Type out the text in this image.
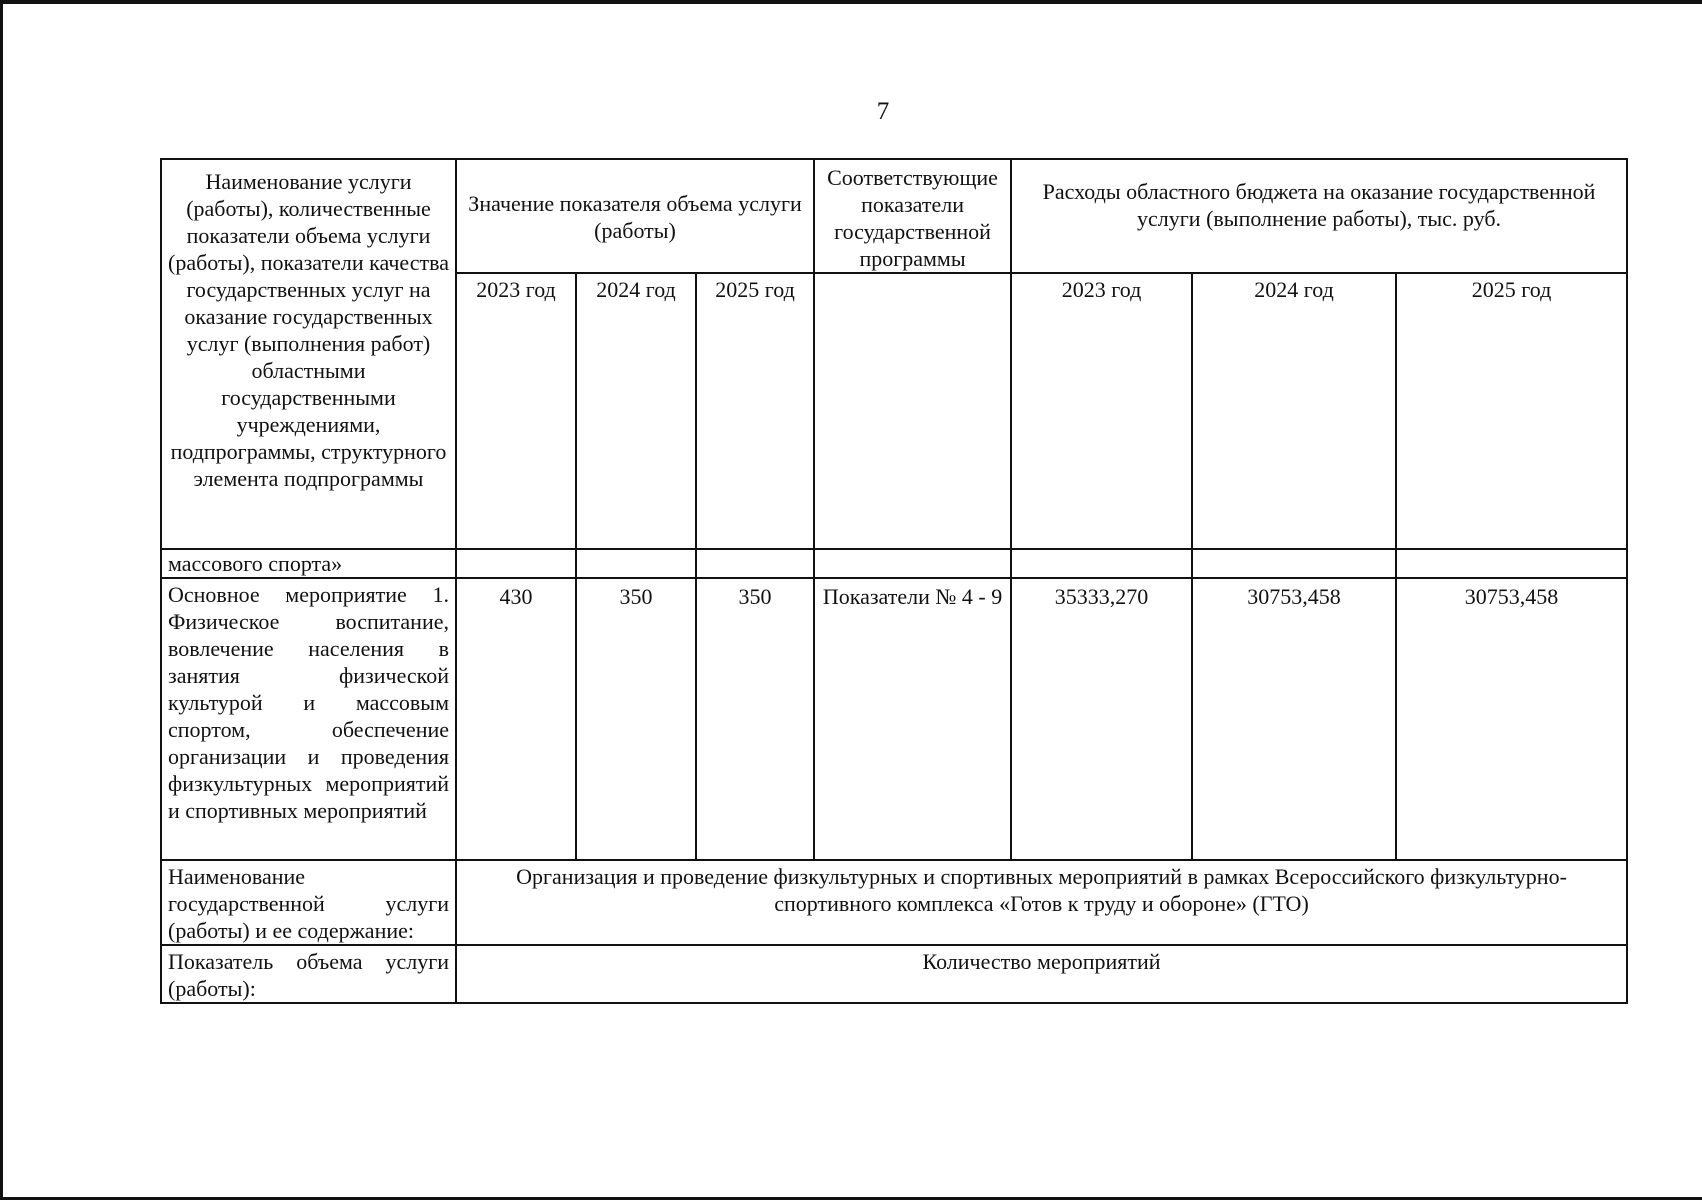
7
Наименование услуги (работы), количественные показатели объема услуги (работы), показатели качества государственных услуг на оказание государственных услуг (выполнения работ) областными государственными учреждениями, подпрограммы, структурного элемента подпрограммы	Значение показателя объема услуги (работы)			Соответствующие показатели государственной программы	Расходы областного бюджета на оказание государственной услуги (выполнение работы), тыс. руб.		
	2023 год	2024 год	2025 год		2023 год	2024 год	2025 год
массового спорта»							
Основное мероприятие 1. Физическое воспитание, вовлечение населения в занятия физической культурой и массовым спортом, обеспечение организации и проведения физкультурных мероприятий и спортивных мероприятий	430	350	350	Показатели № 4 - 9	35333,270	30753,458	30753,458
Наименование государственной услуги (работы) и ее содержание:	Организация и проведение физкультурных и спортивных мероприятий в рамках Всероссийского физкультурно-спортивного комплекса «Готов к труду и обороне» (ГТО)						
Показатель объема услуги (работы):	Количество мероприятий						
